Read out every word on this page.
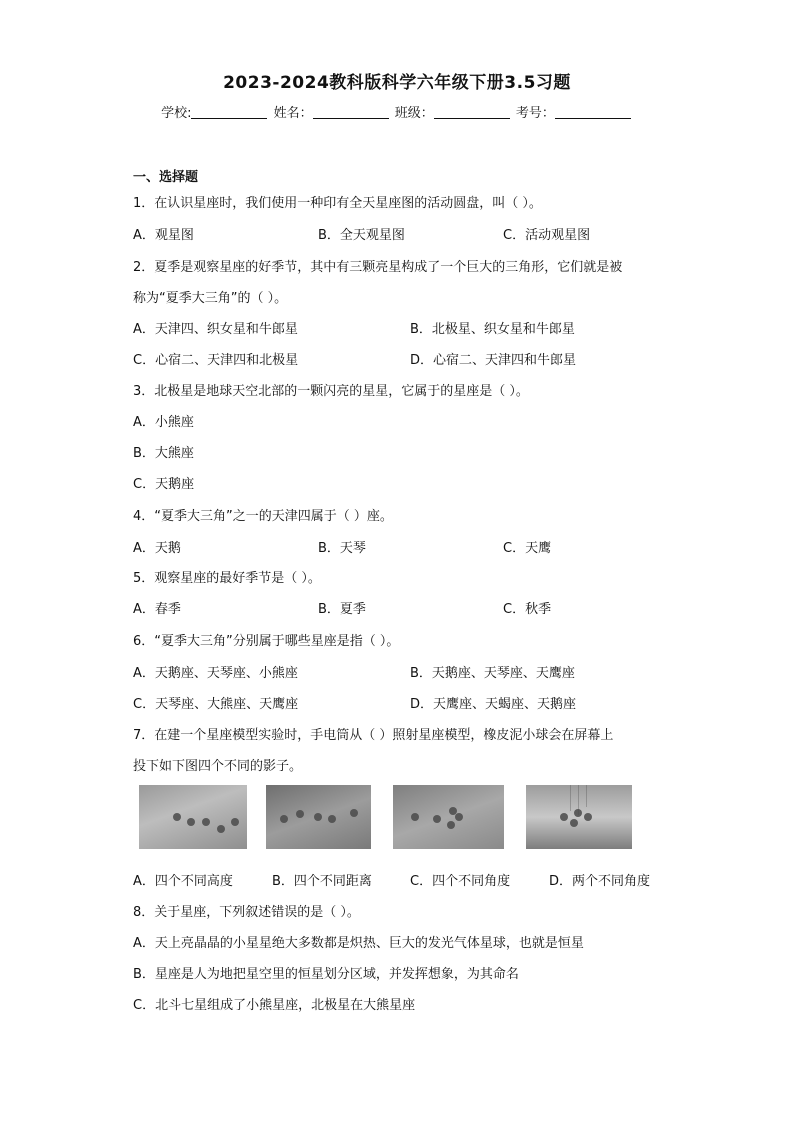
2023-2024教科版科学六年级下册3.5习题
学校:	姓名：	班级：	考号：
一、选择题
1．在认识星座时，我们使用一种印有全天星座图的活动圆盘，叫（ ）。
A．观星图	B．全天观星图	C．活动观星图
2．夏季是观察星座的好季节，其中有三颗亮星构成了一个巨大的三角形，它们就是被
称为“夏季大三角”的（ ）。
A．天津四、织女星和牛郎星	B．北极星、织女星和牛郎星
C．心宿二、天津四和北极星	D．心宿二、天津四和牛郎星
3．北极星是地球天空北部的一颗闪亮的星星，它属于的星座是（ ）。
A．小熊座
B．大熊座
C．天鹅座
4．“夏季大三角”之一的天津四属于（ ）座。
A．天鹅	B．天琴	C．天鹰
5．观察星座的最好季节是（ ）。
A．春季	B．夏季	C．秋季
6．“夏季大三角”分别属于哪些星座是指（ ）。
A．天鹅座、天琴座、小熊座	B．天鹅座、天琴座、天鹰座
C．天琴座、大熊座、天鹰座	D．天鹰座、天蝎座、天鹅座
7．在建一个星座模型实验时，手电筒从（ ）照射星座模型，橡皮泥小球会在屏幕上
投下如下图四个不同的影子。
A．四个不同高度	B．四个不同距离	C．四个不同角度	D．两个不同角度
8．关于星座，下列叙述错误的是（ ）。
A．天上亮晶晶的小星星绝大多数都是炽热、巨大的发光气体星球，也就是恒星
B．星座是人为地把星空里的恒星划分区域，并发挥想象，为其命名
C．北斗七星组成了小熊星座，北极星在大熊星座
